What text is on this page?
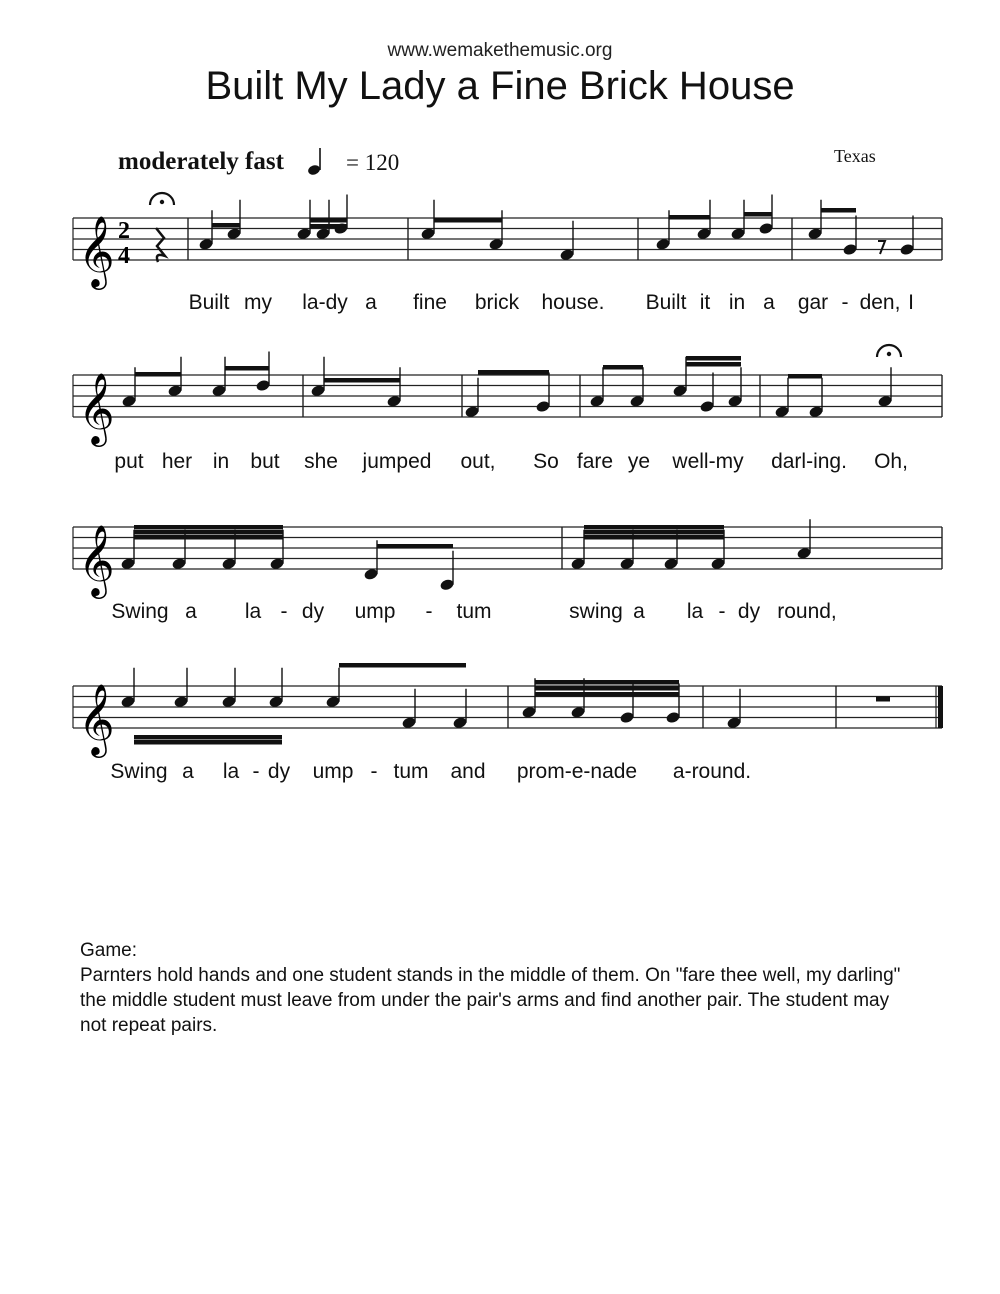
www.wemakethemusic.org
Built My Lady a Fine Brick House
moderately fast	= 120	Texas
𝄞
𝄞
𝄞
𝄞
2
4
Built my la-dy a fine brick house. Built it in a gar - den, I
put her in but she jumped out, So fare ye well-my darl-ing. Oh,
Swing a la - dy ump - tum	swing a la - dy round,
Swing a la - dy ump - tum and prom-e-nade a-round.
Game:
Parnters hold hands and one student stands in the middle of them. On "fare thee well, my darling" the middle student must leave from under the pair's arms and find another pair. The student may not repeat pairs.
